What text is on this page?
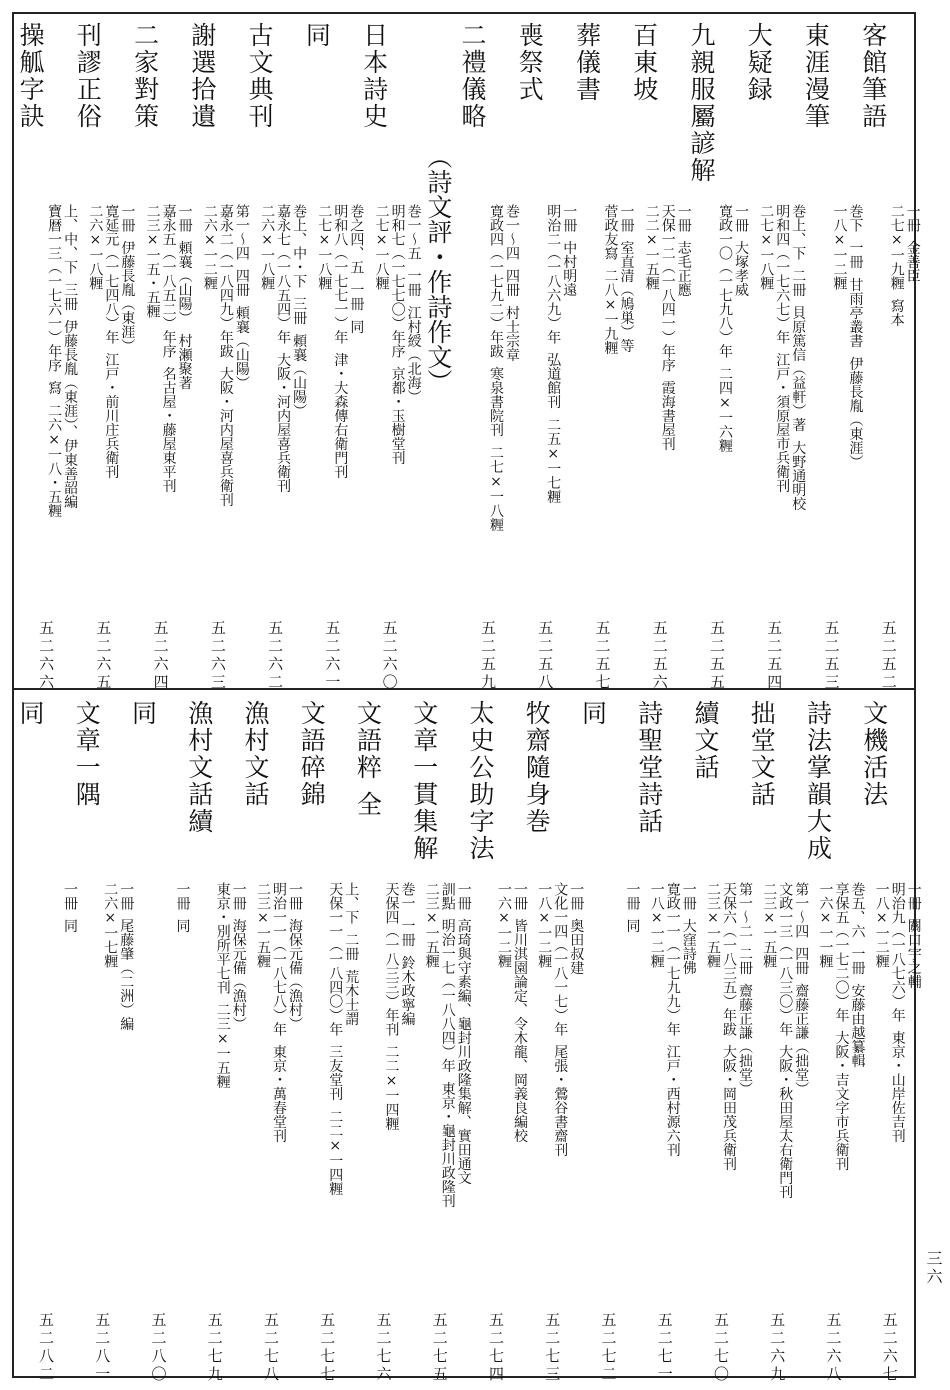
客館筆語
一冊  金善臣
二七×一九糎  寫本
五二五二
東涯漫筆
巻下  一冊  甘雨亭叢書  伊藤長胤（東涯）
一八×一二糎
五二五三
大疑録
巻上、下  二冊  貝原篤信（益軒）著  大野通明校
明和四（一七六七）年  江戸・須原屋市兵衛刊
二七×一八糎
五二五四
九親服屬諺解
一冊  大塚孝威
寛政一〇（一七九八）年  二四×一六糎
五二五五
百東坡
一冊  志毛正應
天保一二（一八四一）年序  霞海書屋刊
二二×一五糎
五二五六
葬儀書
一冊  室直清（鳩巣）等
菅政友寫  二八×一九糎
五二五七
喪祭式
一冊  中村明遠
明治二（一八六九）年  弘道館刊  二五×一七糎
五二五八
二禮儀略
巻一～四  四冊  村士宗章
寛政四（一七九二）年跋  寒泉書院刊  二七×一八糎
五二五九
（詩文評・作詩作文）
日本詩史
巻一～五  一冊  江村綬（北海）
明和七（一七七〇）年序  京都・玉樹堂刊
二七×一八糎
五二六〇
同
巻之四、五  一冊  同
明和八（一七七一）年  津・大森傳右衛門刊
二七×一八糎
五二六一
古文典刊
巻上、中・下  三冊  頼襄（山陽）
嘉永七（一八五四）年  大阪・河内屋喜兵衛刊
二六×一八糎
五二六二
謝選拾遺
第一～四  四冊  頼襄（山陽）
嘉永二（一八四九）年跋  大阪・河内屋喜兵衛刊
二六×一二糎
五二六三
二家對策
一冊  頼襄（山陽）  村瀬聚著
嘉永五（一八五二）年序  名古屋・藤屋東平刊
二三×一五・五糎
五二六四
刊謬正俗
一冊  伊藤長胤（東涯）
寛延元（一七四八）年  江戸・前川庄兵衛刊
二六×一八糎
五二六五
操觚字訣
上、中、下  三冊  伊藤長胤（東涯）、伊東善韶編
寶暦一三（一七六一）年序  寫  二六×一八・五糎
五二六六
文機活法
一冊  關口宇之輔
明治九（一八七六）年  東京・山岸佐吉刊
一八×一二糎
五二六七
詩法掌韻大成
巻五、六  一冊  安藤由越纂輯
享保五（一七二〇）年  大阪・吉文字市兵衛刊
一六×一一糎
五二六八
拙堂文話
第一～四  四冊  齋藤正謙（拙堂）
文政一三（一八三〇）年  大阪・秋田屋太右衛門刊
二三×一五糎
五二六九
續文話
第一～二  二冊  齋藤正謙（拙堂）
天保六（一八三五）年跋  大阪・岡田茂兵衛刊
二三×一五糎
五二七〇
詩聖堂詩話
一冊  大窪詩佛
寛政一一（一七九九）年  江戸・西村源六刊
一八×一二糎
五二七一
同
一冊  同
五二七二
牧齋隨身巻
一冊  奥田叔建
文化一四（一八一七）年  尾張・鶯谷書齋刊
一八×一二糎
五二七三
太史公助字法
一冊  皆川淇園論定、令木龍、岡義良編校
一六×一二糎
五二七四
文章一貫集解
一冊  高琦與守素編、龜封川政隆集解、實田通文
訓點  明治一七（一八八四）年  東京・龜封川政隆刊
二三×一五糎
五二七五
文語粹 全
巻一  一冊  鈴木政寧編
天保四（一八三三）年刊  二二×一四糎
五二七六
文語碎錦
上、下  二冊  荒木士謂
天保一一（一八四〇）年  三友堂刊  二二×一四糎
五二七七
漁村文話
一冊  海保元備（漁村）
明治一一（一八七八）年  東京・萬春堂刊
二三×一五糎
五二七八
漁村文話續
一冊  海保元備（漁村）
東京・別所平七刊  二三×一五糎
五二七九
同
一冊  同
五二八〇
文章一隅
一冊  尾藤肇（二洲）編
二六×一七糎
五二八一
同
一冊  同
五二八二
三六
